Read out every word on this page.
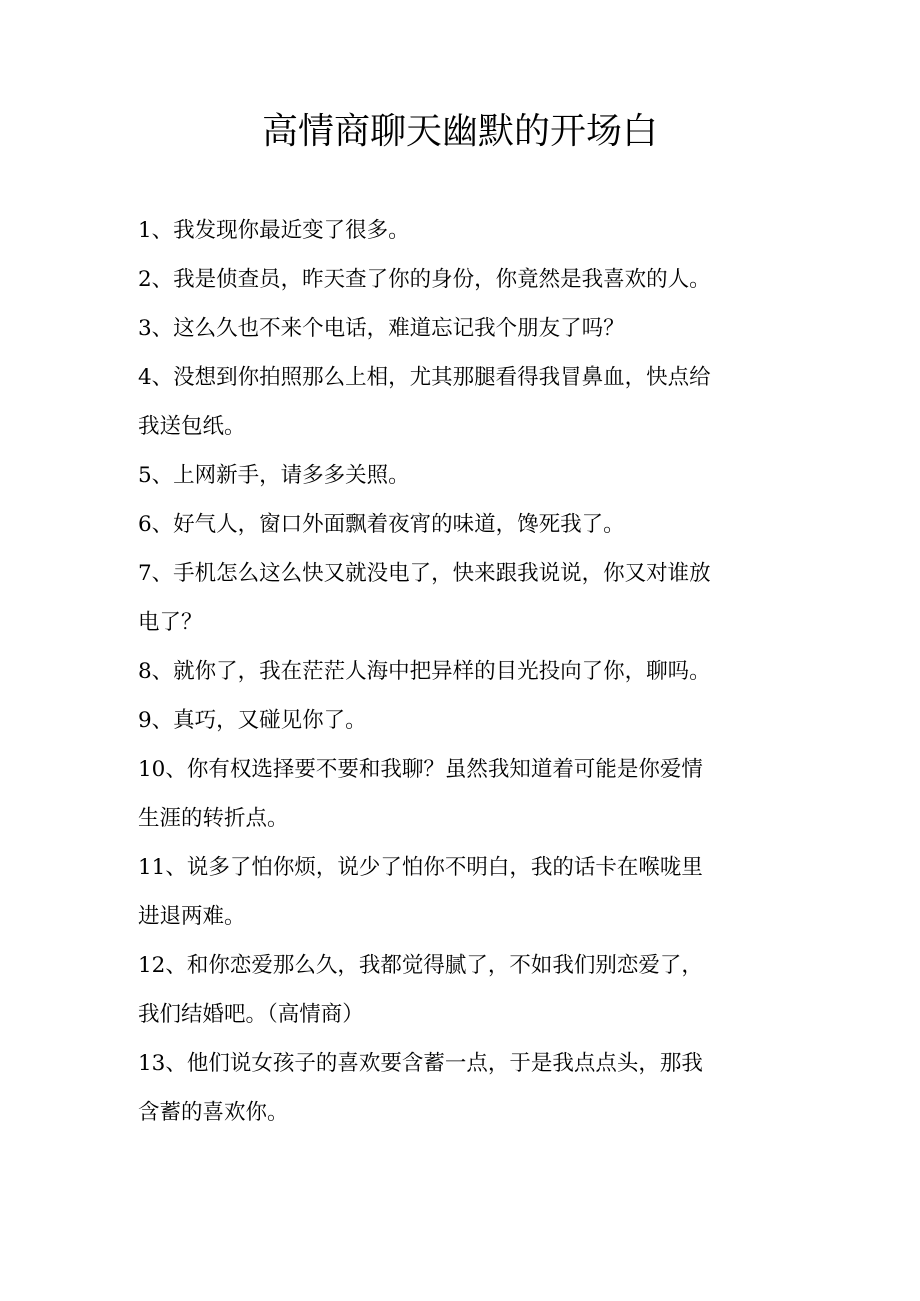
高情商聊天幽默的开场白
1、我发现你最近变了很多。
2、我是侦查员，昨天查了你的身份，你竟然是我喜欢的人。
3、这么久也不来个电话，难道忘记我个朋友了吗？
4、没想到你拍照那么上相，尤其那腿看得我冒鼻血，快点给
我送包纸。
5、上网新手，请多多关照。
6、好气人，窗口外面飘着夜宵的味道，馋死我了。
7、手机怎么这么快又就没电了，快来跟我说说，你又对谁放
电了？
8、就你了，我在茫茫人海中把异样的目光投向了你，聊吗。
9、真巧，又碰见你了。
10、你有权选择要不要和我聊？虽然我知道着可能是你爱情
生涯的转折点。
11、说多了怕你烦，说少了怕你不明白，我的话卡在喉咙里
进退两难。
12、和你恋爱那么久，我都觉得腻了，不如我们别恋爱了，
我们结婚吧。（高情商）
13、他们说女孩子的喜欢要含蓄一点，于是我点点头，那我
含蓄的喜欢你。
